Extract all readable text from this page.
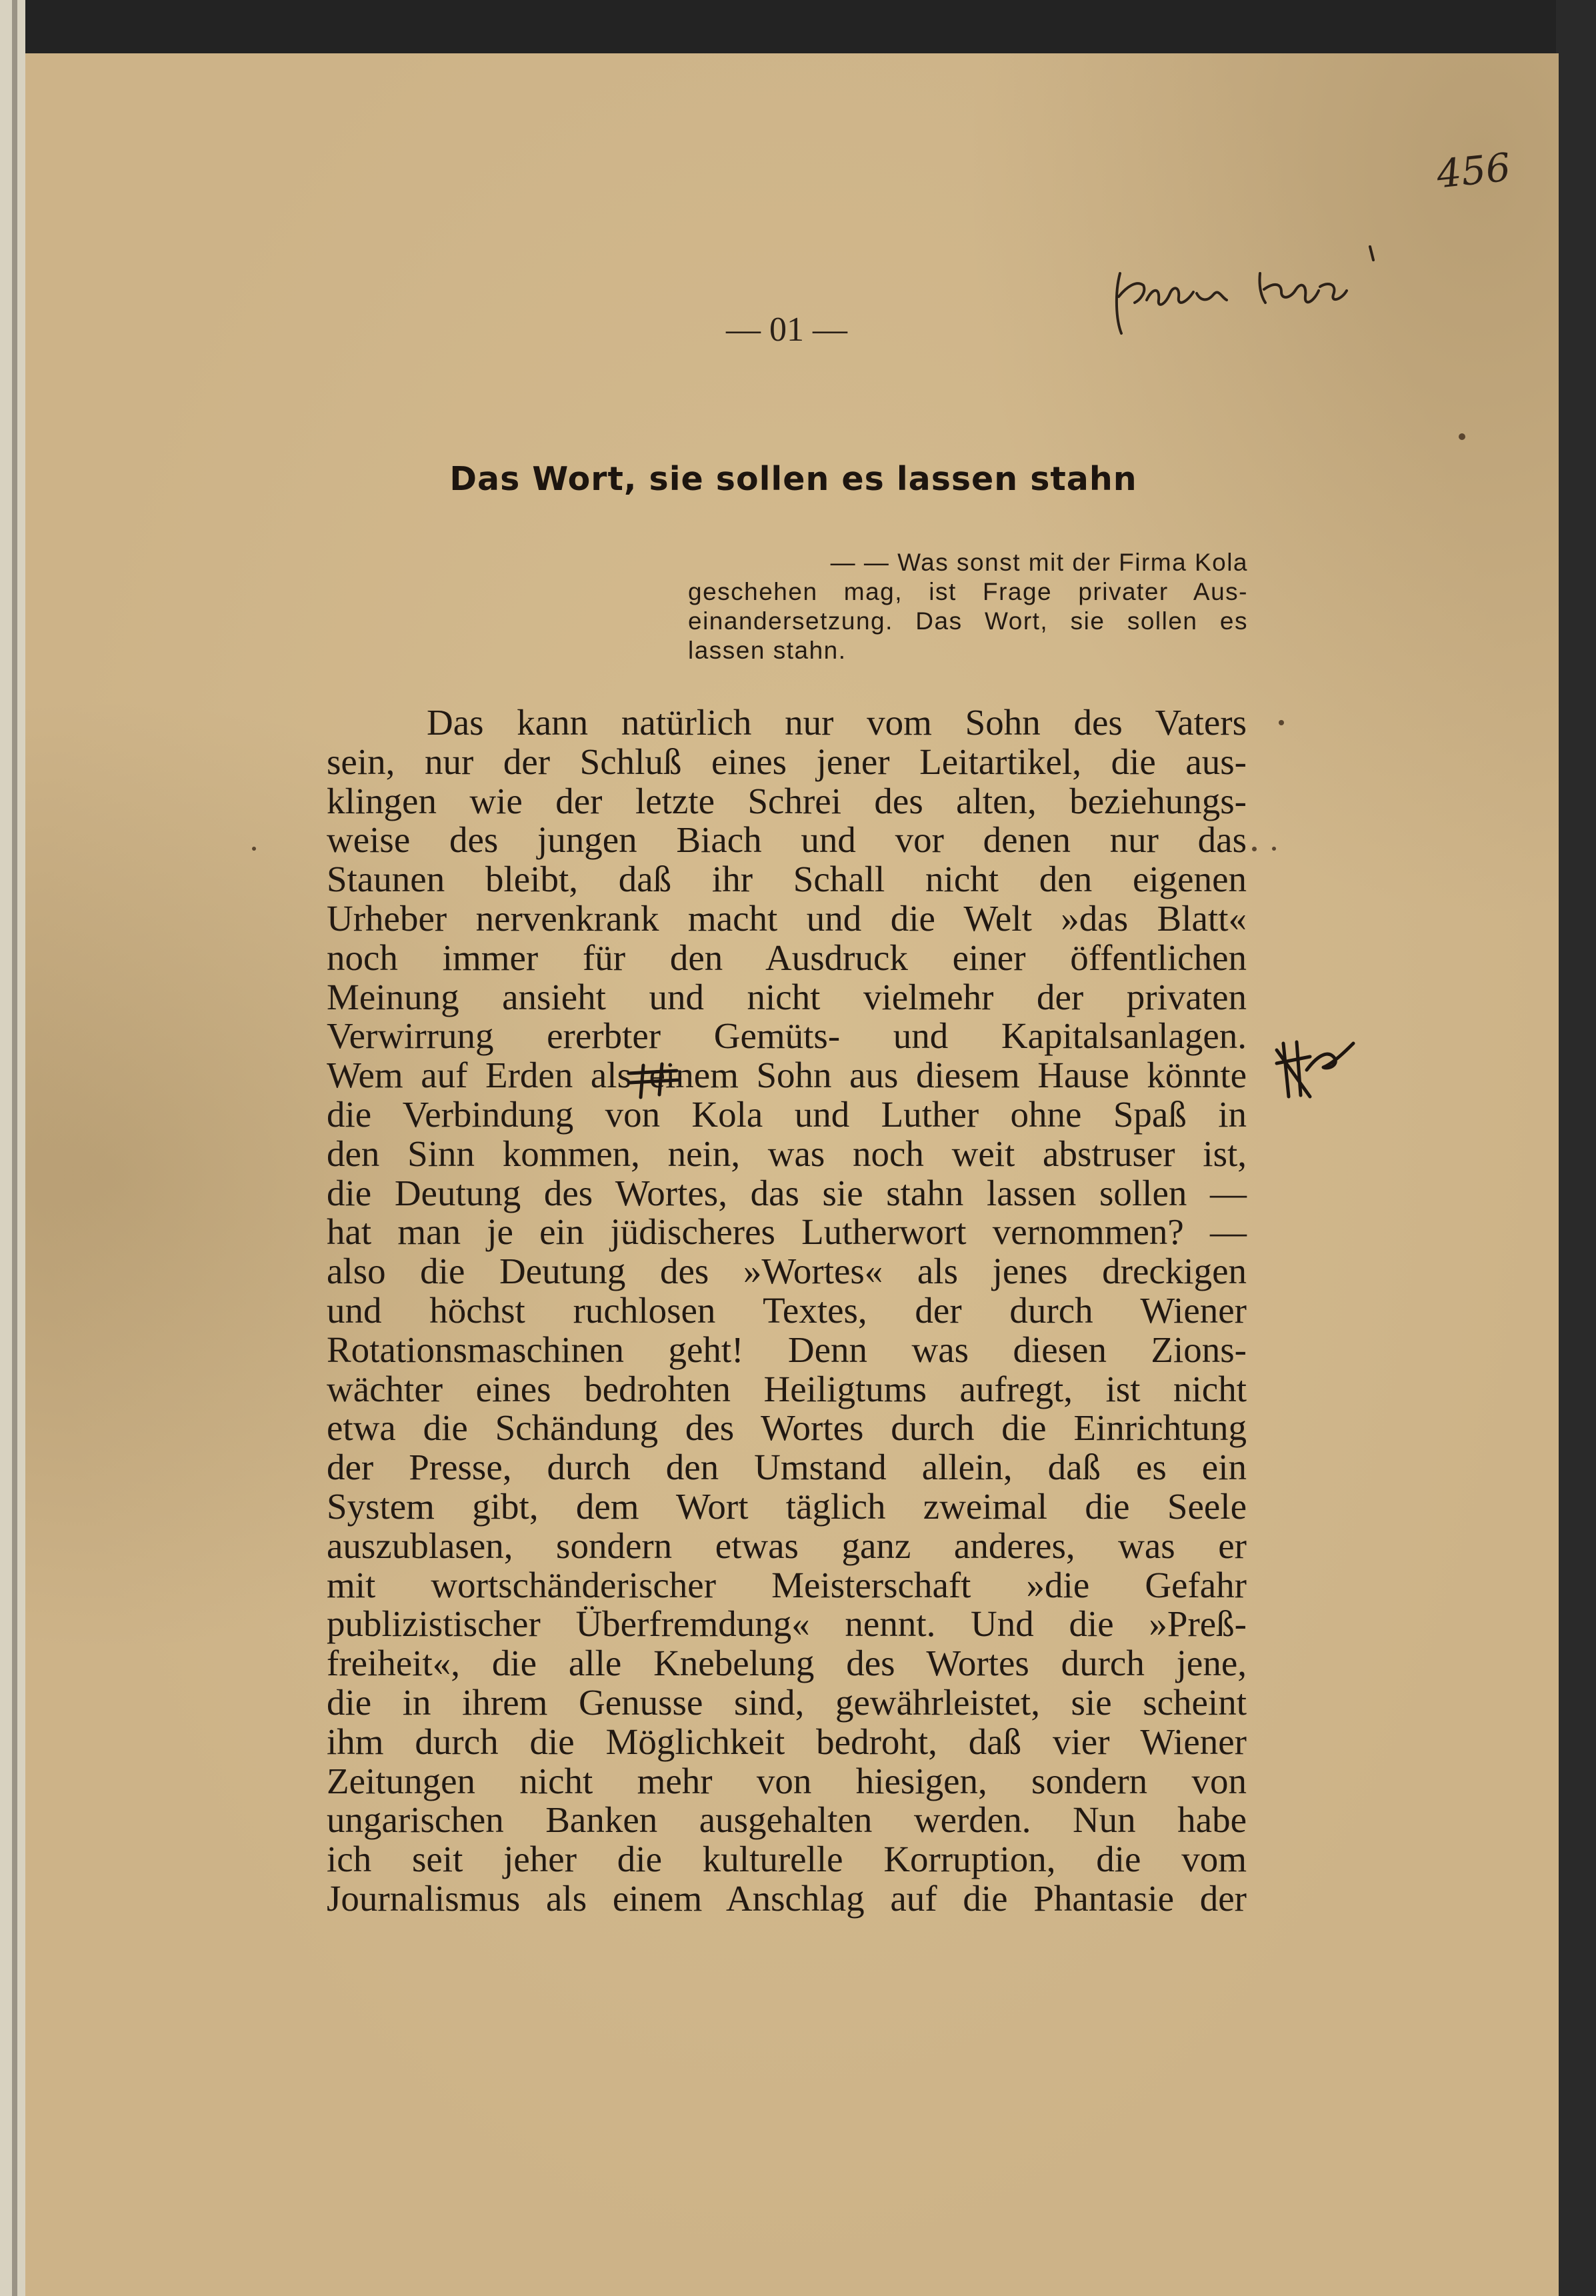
456
— 01 —
Das Wort, sie sollen es lassen stahn
— — Was sonst mit der Firma Kola
geschehen mag, ist Frage privater Aus-
einandersetzung. Das Wort, sie sollen es
lassen stahn.
Das kann natürlich nur vom Sohn des Vaters
sein, nur der Schluß eines jener Leitartikel, die aus-
klingen wie der letzte Schrei des alten, beziehungs-
weise des jungen Biach und vor denen nur das
Staunen bleibt, daß ihr Schall nicht den eigenen
Urheber nervenkrank macht und die Welt »das Blatt«
noch immer für den Ausdruck einer öffentlichen
Meinung ansieht und nicht vielmehr der privaten
Verwirrung ererbter Gemüts- und Kapitalsanlagen.
Wem auf Erden als einem Sohn aus diesem Hause könnte
die Verbindung von Kola und Luther ohne Spaß in
den Sinn kommen, nein, was noch weit abstruser ist,
die Deutung des Wortes, das sie stahn lassen sollen —
hat man je ein jüdischeres Lutherwort vernommen? —
also die Deutung des »Wortes« als jenes dreckigen
und höchst ruchlosen Textes, der durch Wiener
Rotationsmaschinen geht! Denn was diesen Zions-
wächter eines bedrohten Heiligtums aufregt, ist nicht
etwa die Schändung des Wortes durch die Einrichtung
der Presse, durch den Umstand allein, daß es ein
System gibt, dem Wort täglich zweimal die Seele
auszublasen, sondern etwas ganz anderes, was er
mit wortschänderischer Meisterschaft »die Gefahr
publizistischer Überfremdung« nennt. Und die »Preß-
freiheit«, die alle Knebelung des Wortes durch jene,
die in ihrem Genusse sind, gewährleistet, sie scheint
ihm durch die Möglichkeit bedroht, daß vier Wiener
Zeitungen nicht mehr von hiesigen, sondern von
ungarischen Banken ausgehalten werden. Nun habe
ich seit jeher die kulturelle Korruption, die vom
Journalismus als einem Anschlag auf die Phantasie der
